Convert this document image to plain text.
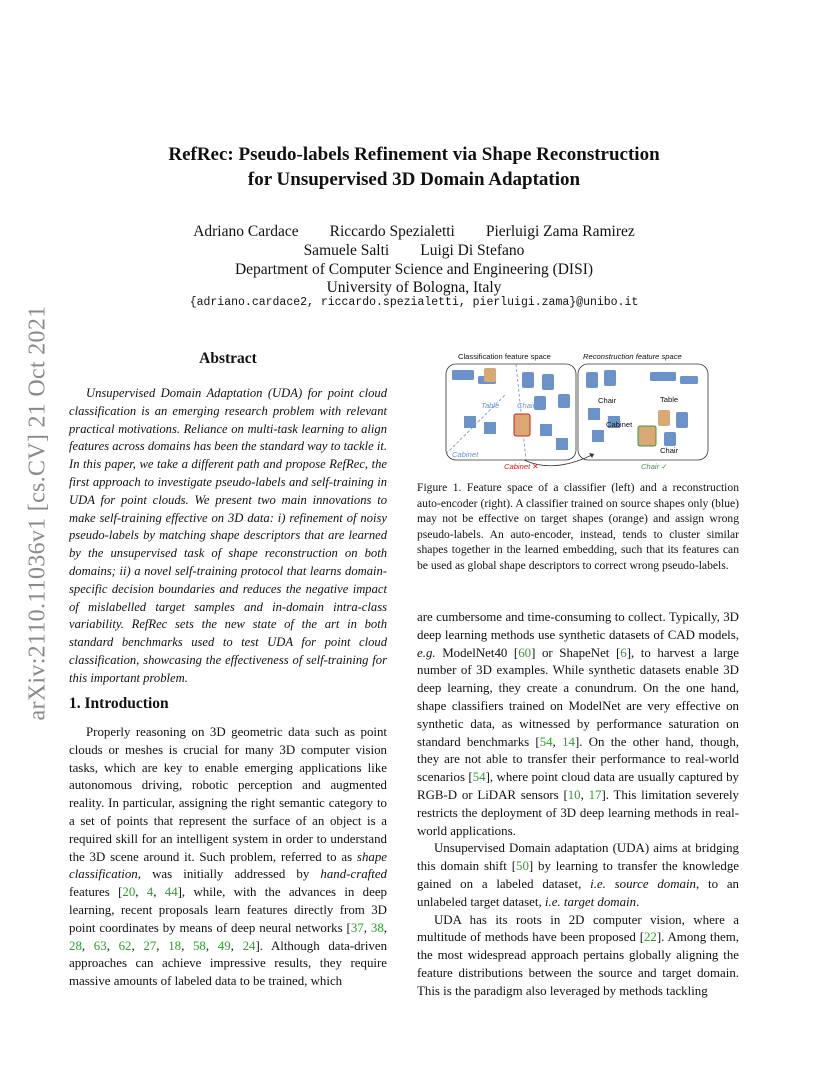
arXiv:2110.11036v1 [cs.CV] 21 Oct 2021
RefRec: Pseudo-labels Refinement via Shape Reconstruction
for Unsupervised 3D Domain Adaptation
Adriano Cardace        Riccardo Spezialetti        Pierluigi Zama Ramirez
Samuele Salti        Luigi Di Stefano
Department of Computer Science and Engineering (DISI)
University of Bologna, Italy
{adriano.cardace2, riccardo.spezialetti, pierluigi.zama}@unibo.it
Abstract

Unsupervised Domain Adaptation (UDA) for point cloud classification is an emerging research problem with relevant practical motivations. Reliance on multi-task learning to align features across domains has been the standard way to tackle it. In this paper, we take a different path and propose RefRec, the first approach to investigate pseudo-labels and self-training in UDA for point clouds. We present two main innovations to make self-training effective on 3D data: i) refinement of noisy pseudo-labels by matching shape descriptors that are learned by the unsupervised task of shape reconstruction on both domains; ii) a novel self-training protocol that learns domain-specific decision boundaries and reduces the negative impact of mislabelled target samples and in-domain intra-class variability. RefRec sets the new state of the art in both standard benchmarks used to test UDA for point cloud classification, showcasing the effectiveness of self-training for this important problem.

Classification feature space	Reconstruction feature space
Table Chair
Cabinet
Chair	Table
Cabinet
Chair
Cabinet ✕	Chair ✓
Figure 1. Feature space of a classifier (left) and a reconstruction auto-encoder (right). A classifier trained on source shapes only (blue) may not be effective on target shapes (orange) and assign wrong pseudo-labels. An auto-encoder, instead, tends to cluster similar shapes together in the learned embedding, such that its features can be used as global shape descriptors to correct wrong pseudo-labels.
1. Introduction

Properly reasoning on 3D geometric data such as point clouds or meshes is crucial for many 3D computer vision tasks, which are key to enable emerging applications like autonomous driving, robotic perception and augmented reality. In particular, assigning the right semantic category to a set of points that represent the surface of an object is a required skill for an intelligent system in order to understand the 3D scene around it. Such problem, referred to as shape classification, was initially addressed by hand-crafted features [20, 4, 44], while, with the advances in deep learning, recent proposals learn features directly from 3D point coordinates by means of deep neural networks [37, 38, 28, 63, 62, 27, 18, 58, 49, 24]. Although data-driven approaches can achieve impressive results, they require massive amounts of labeled data to be trained, which

are cumbersome and time-consuming to collect. Typically, 3D deep learning methods use synthetic datasets of CAD models, e.g. ModelNet40 [60] or ShapeNet [6], to harvest a large number of 3D examples. While synthetic datasets enable 3D deep learning, they create a conundrum. On the one hand, shape classifiers trained on ModelNet are very effective on synthetic data, as witnessed by performance saturation on standard benchmarks [54, 14]. On the other hand, though, they are not able to transfer their performance to real-world scenarios [54], where point cloud data are usually captured by RGB-D or LiDAR sensors [10, 17]. This limitation severely restricts the deployment of 3D deep learning methods in real-world applications.

Unsupervised Domain adaptation (UDA) aims at bridging this domain shift [50] by learning to transfer the knowledge gained on a labeled dataset, i.e. source domain, to an unlabeled target dataset, i.e. target domain.

UDA has its roots in 2D computer vision, where a multitude of methods have been proposed [22]. Among them, the most widespread approach pertains globally aligning the feature distributions between the source and target domain. This is the paradigm also leveraged by methods tackling
